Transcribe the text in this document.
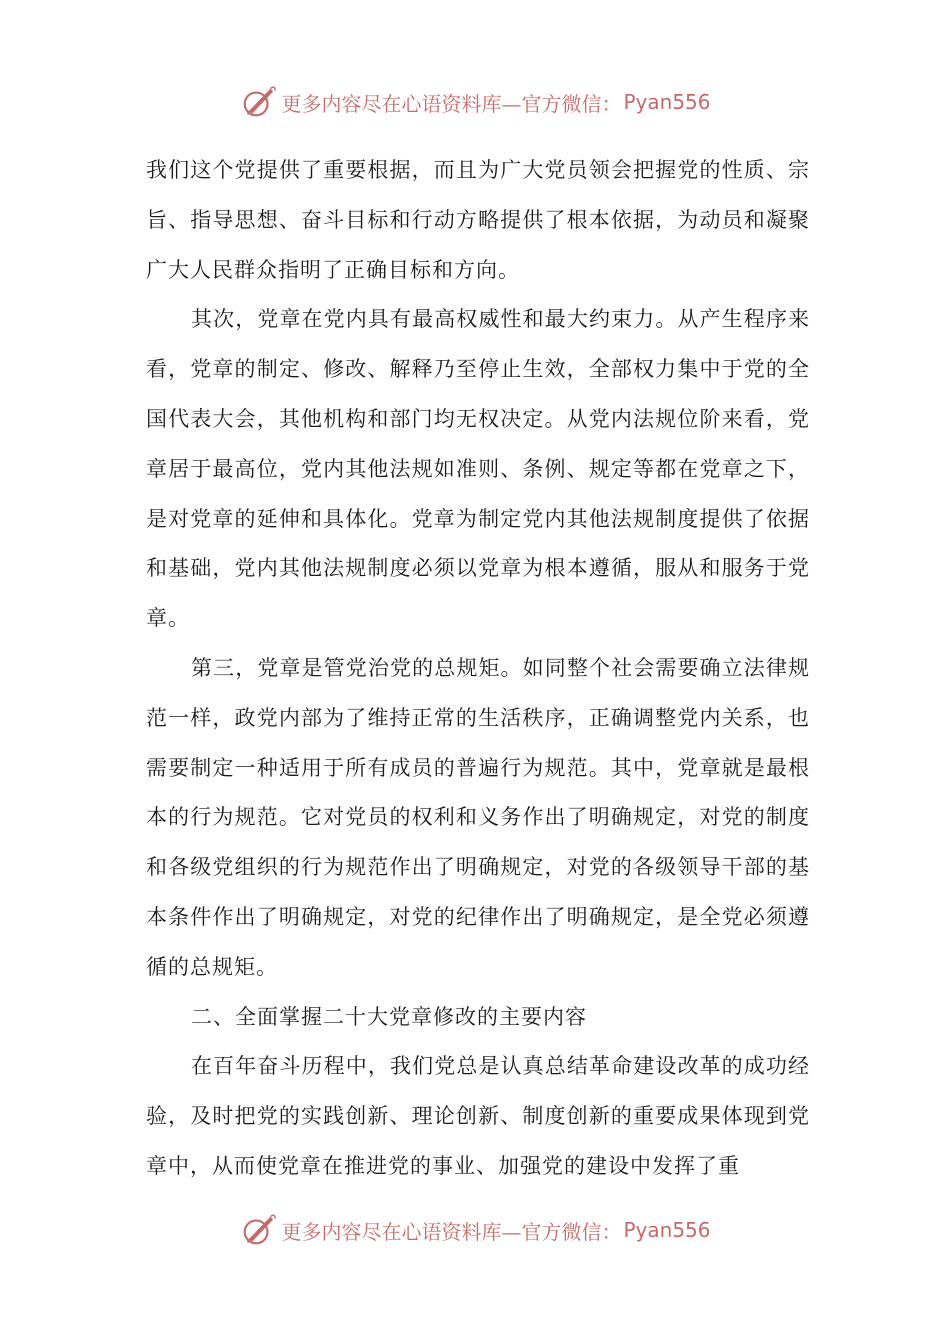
更多内容尽在心语资料库—官方微信： Pyan556

我们这个党提供了重要根据，而且为广大党员领会把握党的性质、宗旨、指导思想、奋斗目标和行动方略提供了根本依据，为动员和凝聚广大人民群众指明了正确目标和方向。

其次，党章在党内具有最高权威性和最大约束力。从产生程序来看，党章的制定、修改、解释乃至停止生效，全部权力集中于党的全国代表大会，其他机构和部门均无权决定。从党内法规位阶来看，党章居于最高位，党内其他法规如准则、条例、规定等都在党章之下，是对党章的延伸和具体化。党章为制定党内其他法规制度提供了依据和基础，党内其他法规制度必须以党章为根本遵循，服从和服务于党章。

第三，党章是管党治党的总规矩。如同整个社会需要确立法律规范一样，政党内部为了维持正常的生活秩序，正确调整党内关系，也需要制定一种适用于所有成员的普遍行为规范。其中，党章就是最根本的行为规范。它对党员的权利和义务作出了明确规定，对党的制度和各级党组织的行为规范作出了明确规定，对党的各级领导干部的基本条件作出了明确规定，对党的纪律作出了明确规定，是全党必须遵循的总规矩。

二、全面掌握二十大党章修改的主要内容

在百年奋斗历程中，我们党总是认真总结革命建设改革的成功经验，及时把党的实践创新、理论创新、制度创新的重要成果体现到党章中，从而使党章在推进党的事业、加强党的建设中发挥了重

更多内容尽在心语资料库—官方微信： Pyan556
